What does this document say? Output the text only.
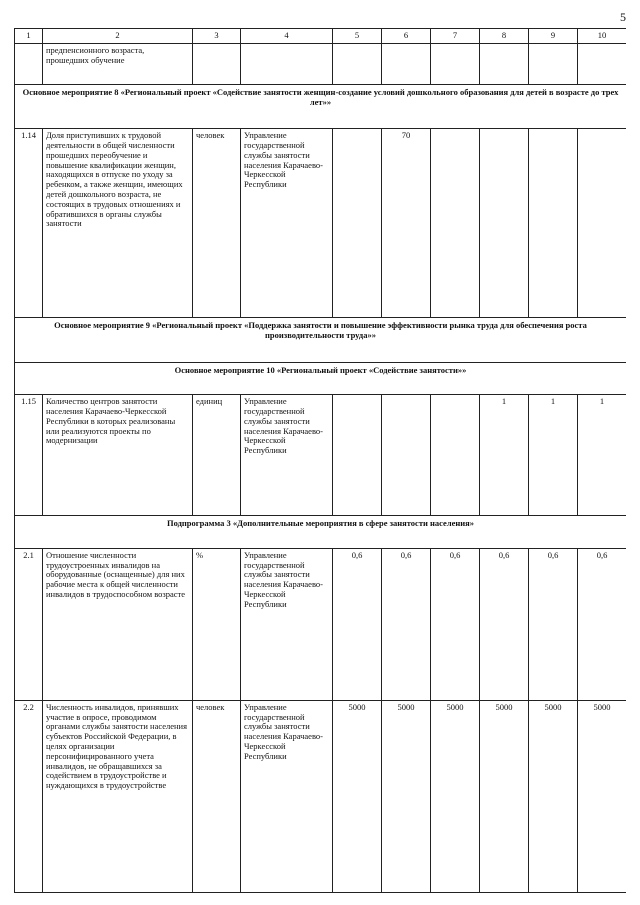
5
1	2	3	4	5	6	7	8	9	10
	предпенсионного возраста, прошедших обучение								
Основное мероприятие 8 «Региональный проект «Содействие занятости женщин-создание условий дошкольного образования для детей в возрасте до трех лет»»									
1.14	Доля приступивших к трудовой деятельности в общей численности прошедших переобучение и повышение квалификации женщин, находящихся в отпуске по уходу за ребенком, а также женщин, имеющих детей дошкольного возраста, не состоящих в трудовых отношениях и обратившихся в органы службы занятости	человек	Управление государственной службы занятости населения Карачаево-Черкесской Республики		70				
Основное мероприятие 9 «Региональный проект «Поддержка занятости и повышение эффективности рынка труда для обеспечения роста производительности труда»»									
Основное мероприятие 10 «Региональный проект «Содействие занятости»»									
1.15	Количество центров занятости населения Карачаево-Черкесской Республики в которых реализованы или реализуются проекты по модернизации	единиц	Управление государственной службы занятости населения Карачаево-Черкесской Республики				1	1	1
Подпрограмма 3 «Дополнительные мероприятия в сфере занятости населения»									
2.1	Отношение численности трудоустроенных инвалидов на оборудованные (оснащенные) для них рабочие места к общей численности инвалидов в трудоспособном возрасте	%	Управление государственной службы занятости населения Карачаево-Черкесской Республики	0,6	0,6	0,6	0,6	0,6	0,6
2.2	Численность инвалидов, принявших участие в опросе, проводимом органами службы занятости населения субъектов Российской Федерации, в целях организации персонифицированного учета инвалидов, не обращавшихся за содействием в трудоустройстве и нуждающихся в трудоустройстве	человек	Управление государственной службы занятости населения Карачаево-Черкесской Республики	5000	5000	5000	5000	5000	5000
